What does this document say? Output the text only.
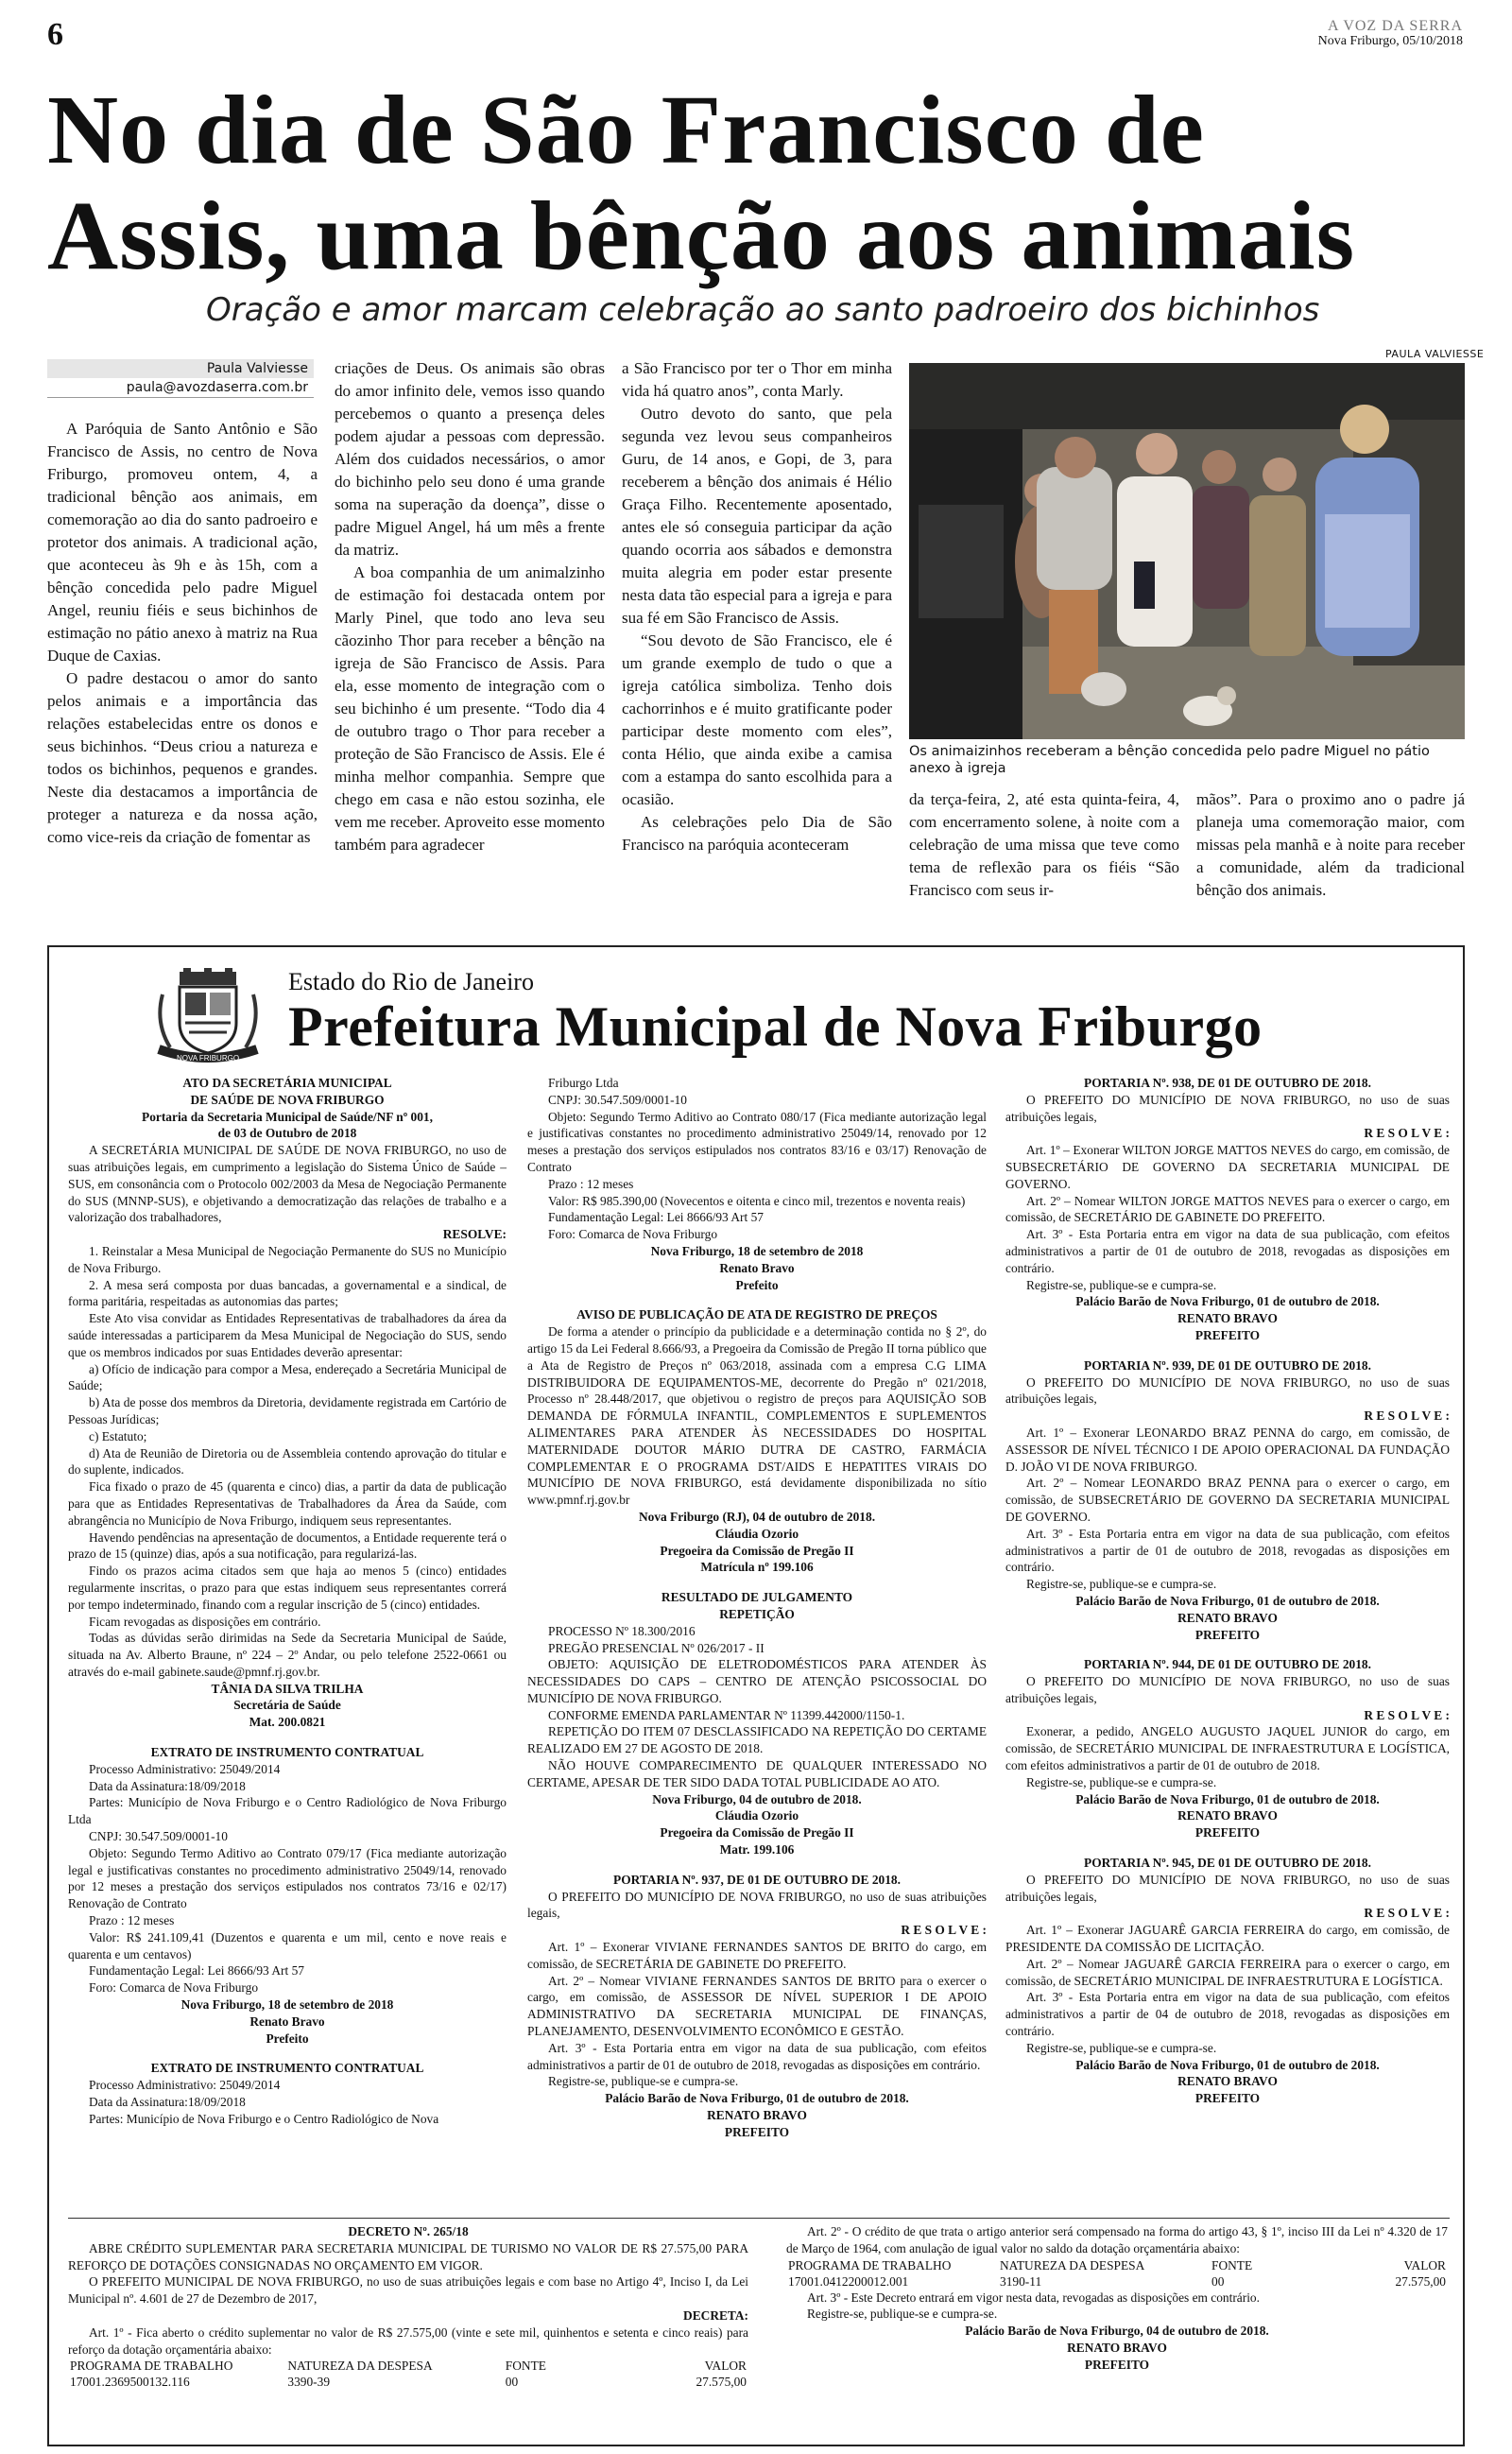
6	A VOZ DA SERRA
Nova Friburgo, 05/10/2018
No dia de São Francisco de Assis, uma bênção aos animais
Oração e amor marcam celebração ao santo padroeiro dos bichinhos
Paula Valviesse
paula@avozdaserra.com.br

A Paróquia de Santo Antônio e São Francisco de Assis, no centro de Nova Friburgo, promoveu ontem, 4, a tradicional bênção aos animais, em comemoração ao dia do santo padroeiro e protetor dos animais. A tradicional ação, que aconteceu às 9h e às 15h, com a bênção concedida pelo padre Miguel Angel, reuniu fiéis e seus bichinhos de estimação no pátio anexo à matriz na Rua Duque de Caxias.

O padre destacou o amor do santo pelos animais e a importância das relações estabelecidas entre os donos e seus bichinhos. “Deus criou a natureza e todos os bichinhos, pequenos e grandes. Neste dia destacamos a importância de proteger a natureza e da nossa ação, como vice-reis da criação de fomentar as

criações de Deus. Os animais são obras do amor infinito dele, vemos isso quando percebemos o quanto a presença deles podem ajudar a pessoas com depressão. Além dos cuidados necessários, o amor do bichinho pelo seu dono é uma grande soma na superação da doença”, disse o padre Miguel Angel, há um mês a frente da matriz.

A boa companhia de um animalzinho de estimação foi destacada ontem por Marly Pinel, que todo ano leva seu cãozinho Thor para receber a bênção na igreja de São Francisco de Assis. Para ela, esse momento de integração com o seu bichinho é um presente. “Todo dia 4 de outubro trago o Thor para receber a proteção de São Francisco de Assis. Ele é minha melhor companhia. Sempre que chego em casa e não estou sozinha, ele vem me receber. Aproveito esse momento também para agradecer

a São Francisco por ter o Thor em minha vida há quatro anos”, conta Marly.

Outro devoto do santo, que pela segunda vez levou seus companheiros Guru, de 14 anos, e Gopi, de 3, para receberem a bênção dos animais é Hélio Graça Filho. Recentemente aposentado, antes ele só conseguia participar da ação quando ocorria aos sábados e demonstra muita alegria em poder estar presente nesta data tão especial para a igreja e para sua fé em São Francisco de Assis.

“Sou devoto de São Francisco, ele é um grande exemplo de tudo o que a igreja católica simboliza. Tenho dois cachorrinhos e é muito gratificante poder participar deste momento com eles”, conta Hélio, que ainda exibe a camisa com a estampa do santo escolhida para a ocasião.

As celebrações pelo Dia de São Francisco na paróquia aconteceram

da terça-feira, 2, até esta quinta-feira, 4, com encerramento solene, à noite com a celebração de uma missa que teve como tema de reflexão para os fiéis “São Francisco com seus ir-

mãos”. Para o proximo ano o padre já planeja uma comemoração maior, com missas pela manhã e à noite para receber a comunidade, além da tradicional bênção dos animais.

PAULA VALVIESSE
Os animaizinhos receberam a bênção concedida pelo padre Miguel no pátio anexo à igreja
NOVA FRIBURGO
Estado do Rio de Janeiro
Prefeitura Municipal de Nova Friburgo
ATO DA SECRETÁRIA MUNICIPAL
DE SAÚDE DE NOVA FRIBURGO
Portaria da Secretaria Municipal de Saúde/NF nº 001,
de 03 de Outubro de 2018
A SECRETÁRIA MUNICIPAL DE SAÚDE DE NOVA FRIBURGO, no uso de suas atribuições legais, em cumprimento a legislação do Sistema Único de Saúde – SUS, em consonância com o Protocolo 002/2003 da Mesa de Negociação Permanente do SUS (MNNP-SUS), e objetivando a democratização das relações de trabalho e a valorização dos trabalhadores,
RESOLVE:
1. Reinstalar a Mesa Municipal de Negociação Permanente do SUS no Município de Nova Friburgo.
2. A mesa será composta por duas bancadas, a governamental e a sindical, de forma paritária, respeitadas as autonomias das partes;
Este Ato visa convidar as Entidades Representativas de trabalhadores da área da saúde interessadas a participarem da Mesa Municipal de Negociação do SUS, sendo que os membros indicados por suas Entidades deverão apresentar:
a) Ofício de indicação para compor a Mesa, endereçado a Secretária Municipal de Saúde;
b) Ata de posse dos membros da Diretoria, devidamente registrada em Cartório de Pessoas Jurídicas;
c) Estatuto;
d) Ata de Reunião de Diretoria ou de Assembleia contendo aprovação do titular e do suplente, indicados.
Fica fixado o prazo de 45 (quarenta e cinco) dias, a partir da data de publicação para que as Entidades Representativas de Trabalhadores da Área da Saúde, com abrangência no Município de Nova Friburgo, indiquem seus representantes.
Havendo pendências na apresentação de documentos, a Entidade requerente terá o prazo de 15 (quinze) dias, após a sua notificação, para regularizá-las.
Findo os prazos acima citados sem que haja ao menos 5 (cinco) entidades regularmente inscritas, o prazo para que estas indiquem seus representantes correrá por tempo indeterminado, finando com a regular inscrição de 5 (cinco) entidades.
Ficam revogadas as disposições em contrário.
Todas as dúvidas serão dirimidas na Sede da Secretaria Municipal de Saúde, situada na Av. Alberto Braune, nº 224 – 2º Andar, ou pelo telefone 2522-0661 ou através do e-mail gabinete.saude@pmnf.rj.gov.br.
TÂNIA DA SILVA TRILHA
Secretária de Saúde
Mat. 200.0821
EXTRATO DE INSTRUMENTO CONTRATUAL
Processo Administrativo: 25049/2014
Data da Assinatura:18/09/2018
Partes: Município de Nova Friburgo e o Centro Radiológico de Nova Friburgo Ltda
CNPJ: 30.547.509/0001-10
Objeto: Segundo Termo Aditivo ao Contrato 079/17 (Fica mediante autorização legal e justificativas constantes no procedimento administrativo 25049/14, renovado por 12 meses a prestação dos serviços estipulados nos contratos 73/16 e 02/17) Renovação de Contrato
Prazo : 12 meses
Valor: R$ 241.109,41 (Duzentos e quarenta e um mil, cento e nove reais e quarenta e um centavos)
Fundamentação Legal: Lei 8666/93 Art 57
Foro: Comarca de Nova Friburgo
Nova Friburgo, 18 de setembro de 2018
Renato Bravo
Prefeito
EXTRATO DE INSTRUMENTO CONTRATUAL
Processo Administrativo: 25049/2014
Data da Assinatura:18/09/2018
Partes: Município de Nova Friburgo e o Centro Radiológico de Nova
Friburgo Ltda
CNPJ: 30.547.509/0001-10
Objeto: Segundo Termo Aditivo ao Contrato 080/17 (Fica mediante autorização legal e justificativas constantes no procedimento administrativo 25049/14, renovado por 12 meses a prestação dos serviços estipulados nos contratos 83/16 e 03/17) Renovação de Contrato
Prazo : 12 meses
Valor: R$ 985.390,00 (Novecentos e oitenta e cinco mil, trezentos e noventa reais)
Fundamentação Legal: Lei 8666/93 Art 57
Foro: Comarca de Nova Friburgo
Nova Friburgo, 18 de setembro de 2018
Renato Bravo
Prefeito
AVISO DE PUBLICAÇÃO DE ATA DE REGISTRO DE PREÇOS
De forma a atender o princípio da publicidade e a determinação contida no § 2º, do artigo 15 da Lei Federal 8.666/93, a Pregoeira da Comissão de Pregão II torna público que a Ata de Registro de Preços nº 063/2018, assinada com a empresa C.G LIMA DISTRIBUIDORA DE EQUIPAMENTOS-ME, decorrente do Pregão nº 021/2018, Processo nº 28.448/2017, que objetivou o registro de preços para AQUISIÇÃO SOB DEMANDA DE FÓRMULA INFANTIL, COMPLEMENTOS E SUPLEMENTOS ALIMENTARES PARA ATENDER ÀS NECESSIDADES DO HOSPITAL MATERNIDADE DOUTOR MÁRIO DUTRA DE CASTRO, FARMÁCIA COMPLEMENTAR E O PROGRAMA DST/AIDS E HEPATITES VIRAIS DO MUNICÍPIO DE NOVA FRIBURGO, está devidamente disponibilizada no sítio www.pmnf.rj.gov.br
Nova Friburgo (RJ), 04 de outubro de 2018.
Cláudia Ozorio
Pregoeira da Comissão de Pregão II
Matrícula nº 199.106
RESULTADO DE JULGAMENTO
REPETIÇÃO
PROCESSO Nº 18.300/2016
PREGÃO PRESENCIAL Nº 026/2017 - II
OBJETO: AQUISIÇÃO DE ELETRODOMÉSTICOS PARA ATENDER ÀS NECESSIDADES DO CAPS – CENTRO DE ATENÇÃO PSICOSSOCIAL DO MUNICÍPIO DE NOVA FRIBURGO.
CONFORME EMENDA PARLAMENTAR Nº 11399.442000/1150-1.
REPETIÇÃO DO ITEM 07 DESCLASSIFICADO NA REPETIÇÃO DO CERTAME REALIZADO EM 27 DE AGOSTO DE 2018.
NÃO HOUVE COMPARECIMENTO DE QUALQUER INTERESSADO NO CERTAME, APESAR DE TER SIDO DADA TOTAL PUBLICIDADE AO ATO.
Nova Friburgo, 04 de outubro de 2018.
Cláudia Ozorio
Pregoeira da Comissão de Pregão II
Matr. 199.106
PORTARIA Nº. 937, DE 01 DE OUTUBRO DE 2018.
O PREFEITO DO MUNICÍPIO DE NOVA FRIBURGO, no uso de suas atribuições legais,
R E S O L V E :
Art. 1º – Exonerar VIVIANE FERNANDES SANTOS DE BRITO do cargo, em comissão, de SECRETÁRIA DE GABINETE DO PREFEITO.
Art. 2º – Nomear VIVIANE FERNANDES SANTOS DE BRITO para o exercer o cargo, em comissão, de ASSESSOR DE NÍVEL SUPERIOR I DE APOIO ADMINISTRATIVO DA SECRETARIA MUNICIPAL DE FINANÇAS, PLANEJAMENTO, DESENVOLVIMENTO ECONÔMICO E GESTÃO.
Art. 3º - Esta Portaria entra em vigor na data de sua publicação, com efeitos administrativos a partir de 01 de outubro de 2018, revogadas as disposições em contrário.
Registre-se, publique-se e cumpra-se.
Palácio Barão de Nova Friburgo, 01 de outubro de 2018.
RENATO BRAVO
PREFEITO
PORTARIA Nº. 938, DE 01 DE OUTUBRO DE 2018.
O PREFEITO DO MUNICÍPIO DE NOVA FRIBURGO, no uso de suas atribuições legais,
R E S O L V E :
Art. 1º – Exonerar WILTON JORGE MATTOS NEVES do cargo, em comissão, de SUBSECRETÁRIO DE GOVERNO DA SECRETARIA MUNICIPAL DE GOVERNO.
Art. 2º – Nomear WILTON JORGE MATTOS NEVES para o exercer o cargo, em comissão, de SECRETÁRIO DE GABINETE DO PREFEITO.
Art. 3º - Esta Portaria entra em vigor na data de sua publicação, com efeitos administrativos a partir de 01 de outubro de 2018, revogadas as disposições em contrário.
Registre-se, publique-se e cumpra-se.
Palácio Barão de Nova Friburgo, 01 de outubro de 2018.
RENATO BRAVO
PREFEITO
PORTARIA Nº. 939, DE 01 DE OUTUBRO DE 2018.
O PREFEITO DO MUNICÍPIO DE NOVA FRIBURGO, no uso de suas atribuições legais,
R E S O L V E :
Art. 1º – Exonerar LEONARDO BRAZ PENNA do cargo, em comissão, de ASSESSOR DE NÍVEL TÉCNICO I DE APOIO OPERACIONAL DA FUNDAÇÃO D. JOÃO VI DE NOVA FRIBURGO.
Art. 2º – Nomear LEONARDO BRAZ PENNA para o exercer o cargo, em comissão, de SUBSECRETÁRIO DE GOVERNO DA SECRETARIA MUNICIPAL DE GOVERNO.
Art. 3º - Esta Portaria entra em vigor na data de sua publicação, com efeitos administrativos a partir de 01 de outubro de 2018, revogadas as disposições em contrário.
Registre-se, publique-se e cumpra-se.
Palácio Barão de Nova Friburgo, 01 de outubro de 2018.
RENATO BRAVO
PREFEITO
PORTARIA Nº. 944, DE 01 DE OUTUBRO DE 2018.
O PREFEITO DO MUNICÍPIO DE NOVA FRIBURGO, no uso de suas atribuições legais,
R E S O L V E :
Exonerar, a pedido, ANGELO AUGUSTO JAQUEL JUNIOR do cargo, em comissão, de SECRETÁRIO MUNICIPAL DE INFRAESTRUTURA E LOGÍSTICA, com efeitos administrativos a partir de 01 de outubro de 2018.
Registre-se, publique-se e cumpra-se.
Palácio Barão de Nova Friburgo, 01 de outubro de 2018.
RENATO BRAVO
PREFEITO
PORTARIA Nº. 945, DE 01 DE OUTUBRO DE 2018.
O PREFEITO DO MUNICÍPIO DE NOVA FRIBURGO, no uso de suas atribuições legais,
R E S O L V E :
Art. 1º – Exonerar JAGUARÊ GARCIA FERREIRA do cargo, em comissão, de PRESIDENTE DA COMISSÃO DE LICITAÇÃO.
Art. 2º – Nomear JAGUARÊ GARCIA FERREIRA para o exercer o cargo, em comissão, de SECRETÁRIO MUNICIPAL DE INFRAESTRUTURA E LOGÍSTICA.
Art. 3º - Esta Portaria entra em vigor na data de sua publicação, com efeitos administrativos a partir de 04 de outubro de 2018, revogadas as disposições em contrário.
Registre-se, publique-se e cumpra-se.
Palácio Barão de Nova Friburgo, 01 de outubro de 2018.
RENATO BRAVO
PREFEITO
DECRETO Nº. 265/18
ABRE CRÉDITO SUPLEMENTAR PARA SECRETARIA MUNICIPAL DE TURISMO NO VALOR DE R$ 27.575,00 PARA REFORÇO DE DOTAÇÕES CONSIGNADAS NO ORÇAMENTO EM VIGOR.
O PREFEITO MUNICIPAL DE NOVA FRIBURGO, no uso de suas atribuições legais e com base no Artigo 4º, Inciso I, da Lei Municipal nº. 4.601 de 27 de Dezembro de 2017,
DECRETA:
Art. 1º - Fica aberto o crédito suplementar no valor de R$ 27.575,00 (vinte e sete mil, quinhentos e setenta e cinco reais) para reforço da dotação orçamentária abaixo:
PROGRAMA DE TRABALHO	NATUREZA DA DESPESA	FONTE	VALOR
17001.2369500132.116	3390-39	00	27.575,00
Art. 2º - O crédito de que trata o artigo anterior será compensado na forma do artigo 43, § 1º, inciso III da Lei nº 4.320 de 17 de Março de 1964, com anulação de igual valor no saldo da dotação orçamentária abaixo:
PROGRAMA DE TRABALHO	NATUREZA DA DESPESA	FONTE	VALOR
17001.0412200012.001	3190-11	00	27.575,00
Art. 3º - Este Decreto entrará em vigor nesta data, revogadas as disposições em contrário.
Registre-se, publique-se e cumpra-se.
Palácio Barão de Nova Friburgo, 04 de outubro de 2018.
RENATO BRAVO
PREFEITO
